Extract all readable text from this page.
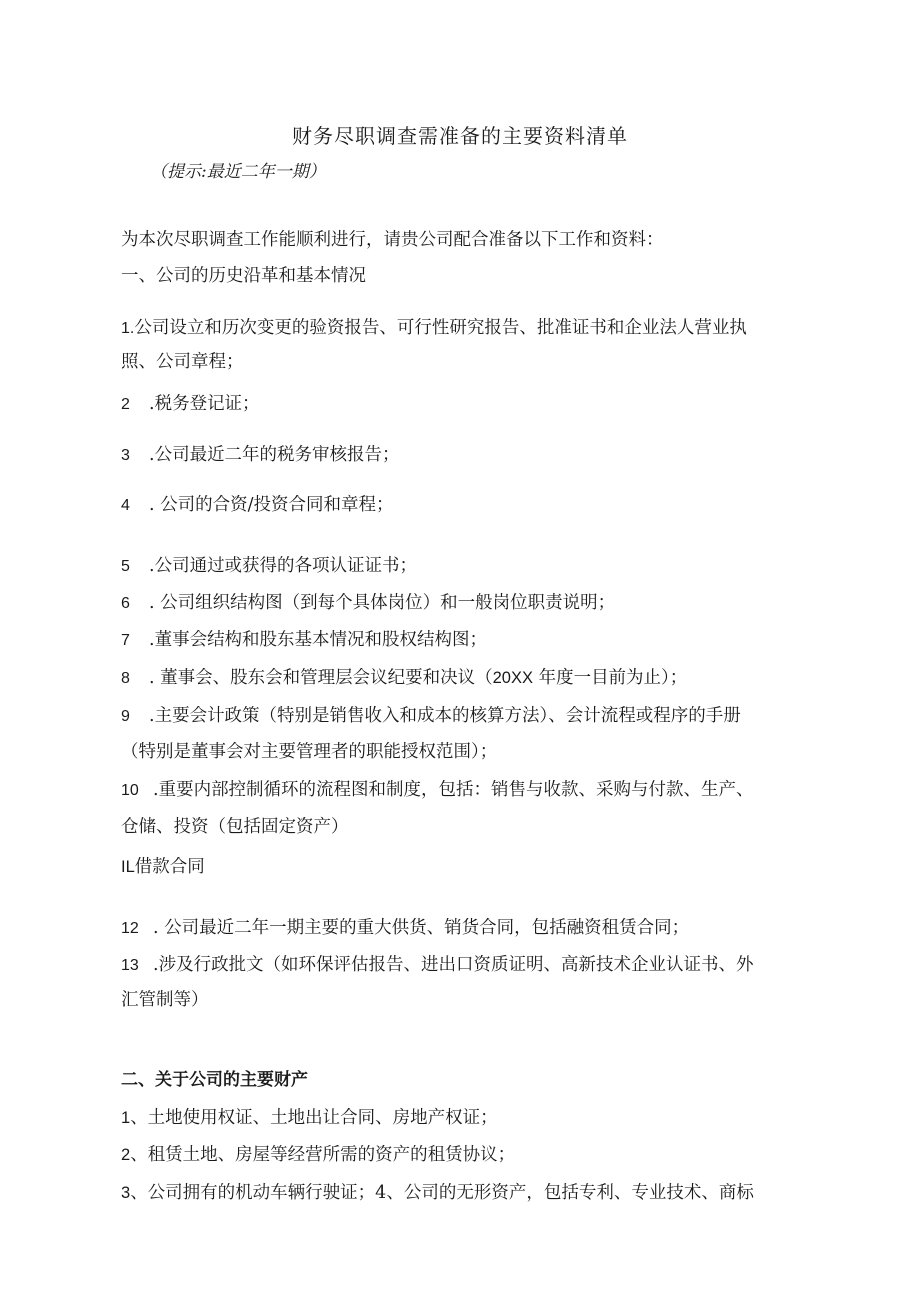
财务尽职调查需准备的主要资料清单
（提示:最近二年一期）
为本次尽职调查工作能顺利进行，请贵公司配合准备以下工作和资料：
一、公司的历史沿革和基本情况
1.公司设立和历次变更的验资报告、可行性研究报告、批准证书和企业法人营业执
照、公司章程；
2 .税务登记证；
3 .公司最近二年的税务审核报告；
4 . 公司的合资/投资合同和章程；
5 .公司通过或获得的各项认证证书；
6 . 公司组织结构图（到每个具体岗位）和一般岗位职责说明；
7 .董事会结构和股东基本情况和股权结构图；
8 . 董事会、股东会和管理层会议纪要和决议（20XX 年度一目前为止）；
9 .主要会计政策（特别是销售收入和成本的核算方法）、会计流程或程序的手册
（特别是董事会对主要管理者的职能授权范围）；
10 .重要内部控制循环的流程图和制度，包括：销售与收款、采购与付款、生产、
仓储、投资（包括固定资产）
IL借款合同
12 . 公司最近二年一期主要的重大供货、销货合同，包括融资租赁合同；
13 .涉及行政批文（如环保评估报告、进出口资质证明、高新技术企业认证书、外
汇管制等）
二、关于公司的主要财产
1、土地使用权证、土地出让合同、房地产权证；
2、租赁土地、房屋等经营所需的资产的租赁协议；
3、公司拥有的机动车辆行驶证；4、公司的无形资产，包括专利、专业技术、商标
